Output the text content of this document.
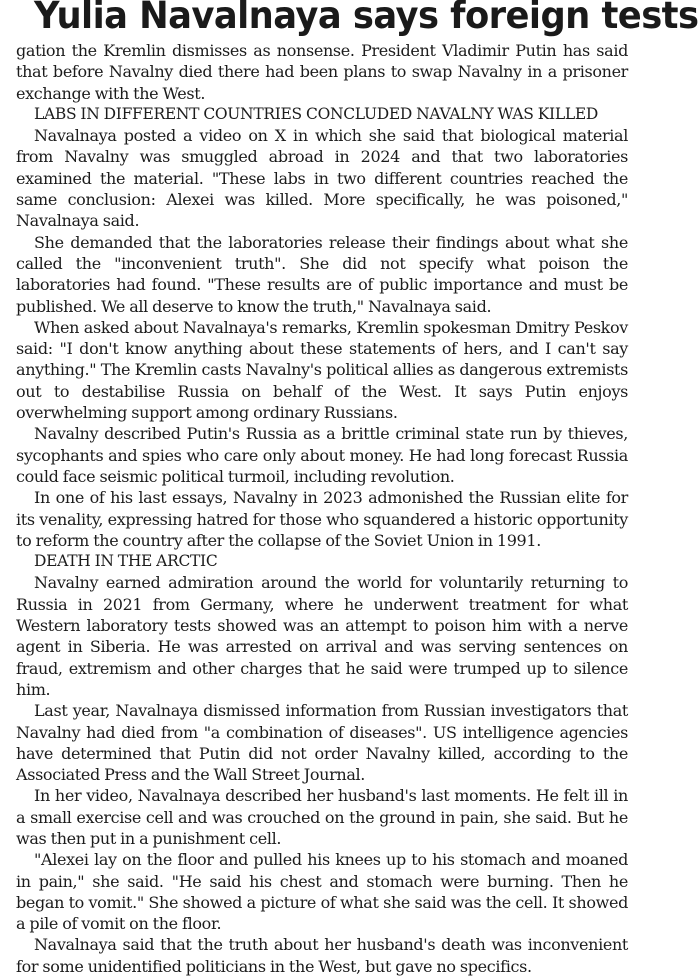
Yulia Navalnaya says foreign tests

gation the Kremlin dismisses as nonsense. President Vladimir Putin has said that before Navalny died there had been plans to swap Navalny in a prisoner exchange with the West.

LABS IN DIFFERENT COUNTRIES CONCLUDED NAVALNY WAS KILLED

Navalnaya posted a video on X in which she said that biological material from Navalny was smuggled abroad in 2024 and that two laboratories examined the material. "These labs in two different countries reached the same conclusion: Alexei was killed. More specifically, he was poisoned," Navalnaya said.

She demanded that the laboratories release their findings about what she called the "inconvenient truth". She did not specify what poison the laboratories had found. "These results are of public importance and must be published. We all deserve to know the truth," Navalnaya said.

When asked about Navalnaya's remarks, Kremlin spokesman Dmitry Peskov said: "I don't know anything about these statements of hers, and I can't say anything." The Kremlin casts Navalny's political allies as dangerous extremists out to destabilise Russia on behalf of the West. It says Putin enjoys overwhelming support among ordinary Russians.

Navalny described Putin's Russia as a brittle criminal state run by thieves, sycophants and spies who care only about money. He had long forecast Russia could face seismic political turmoil, including revolution.

In one of his last essays, Navalny in 2023 admonished the Russian elite for its venality, expressing hatred for those who squandered a historic opportunity to reform the country after the collapse of the Soviet Union in 1991.

DEATH IN THE ARCTIC

Navalny earned admiration around the world for voluntarily returning to Russia in 2021 from Germany, where he underwent treatment for what Western laboratory tests showed was an attempt to poison him with a nerve agent in Siberia. He was arrested on arrival and was serving sentences on fraud, extremism and other charges that he said were trumped up to silence him.

Last year, Navalnaya dismissed information from Russian investigators that Navalny had died from "a combination of diseases". US intelligence agencies have determined that Putin did not order Navalny killed, according to the Associated Press and the Wall Street Journal.

In her video, Navalnaya described her husband's last moments. He felt ill in a small exercise cell and was crouched on the ground in pain, she said. But he was then put in a punishment cell.

"Alexei lay on the floor and pulled his knees up to his stomach and moaned in pain," she said. "He said his chest and stomach were burning. Then he began to vomit." She showed a picture of what she said was the cell. It showed a pile of vomit on the floor.

Navalnaya said that the truth about her husband's death was inconvenient for some unidentified politicians in the West, but gave no specifics.
